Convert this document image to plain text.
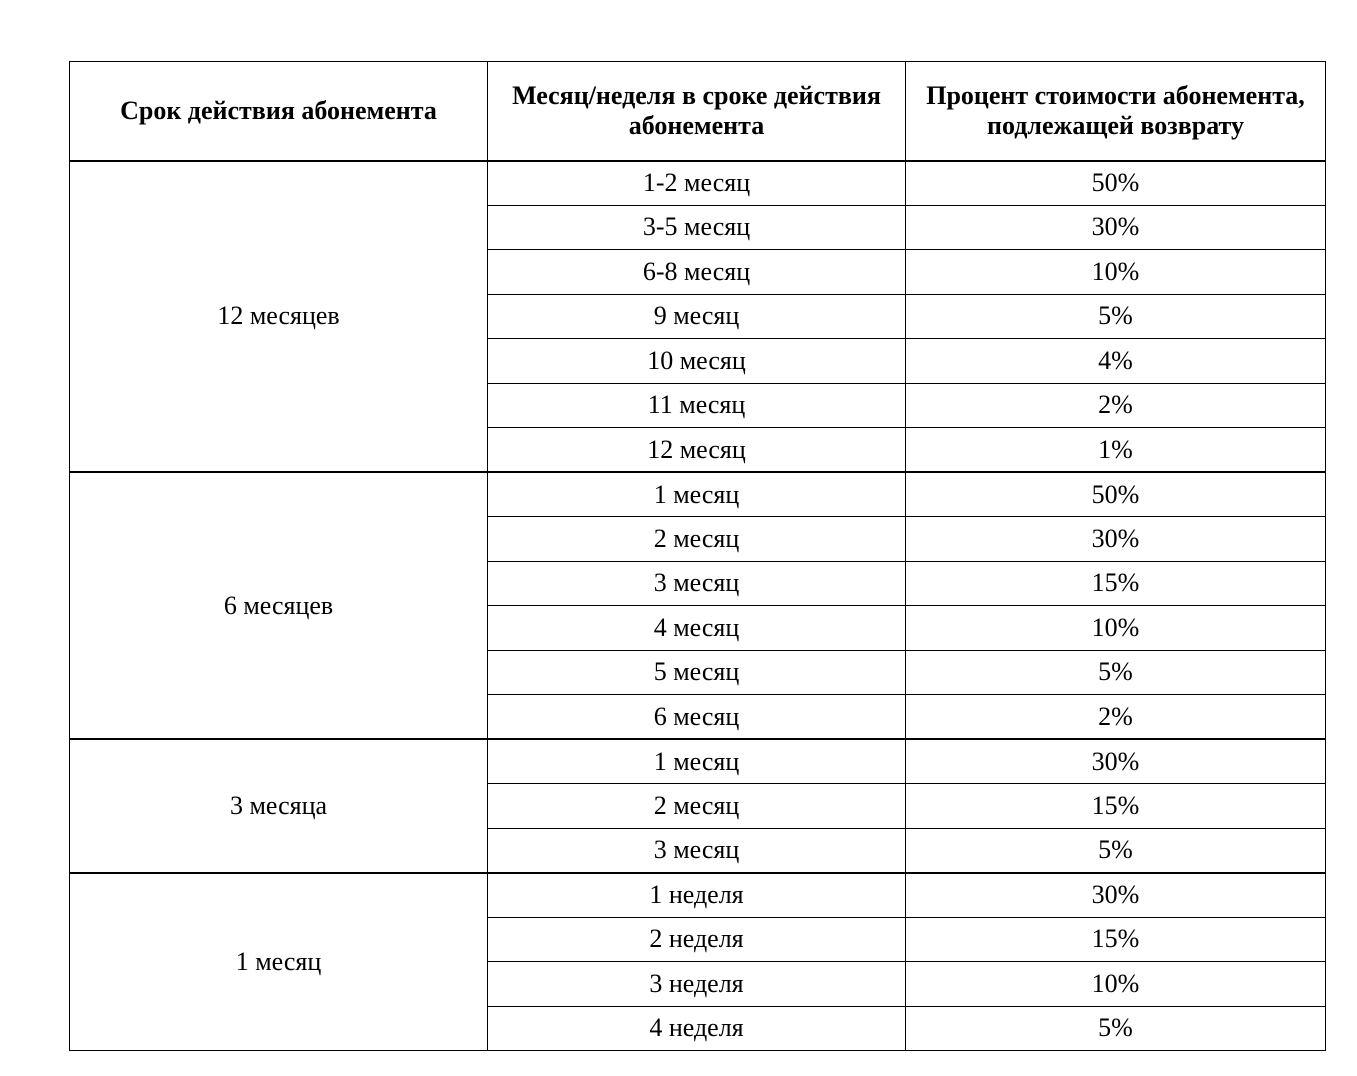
Срок действия абонемента	Месяц/неделя в сроке действия абонемента	Процент стоимости абонемента, подлежащей возврату
12 месяцев	1-2 месяц	50%
	3-5 месяц	30%
	6-8 месяц	10%
	9 месяц	5%
	10 месяц	4%
	11 месяц	2%
	12 месяц	1%
6 месяцев	1 месяц	50%
	2 месяц	30%
	3 месяц	15%
	4 месяц	10%
	5 месяц	5%
	6 месяц	2%
3 месяца	1 месяц	30%
	2 месяц	15%
	3 месяц	5%
1 месяц	1 неделя	30%
	2 неделя	15%
	3 неделя	10%
	4 неделя	5%
